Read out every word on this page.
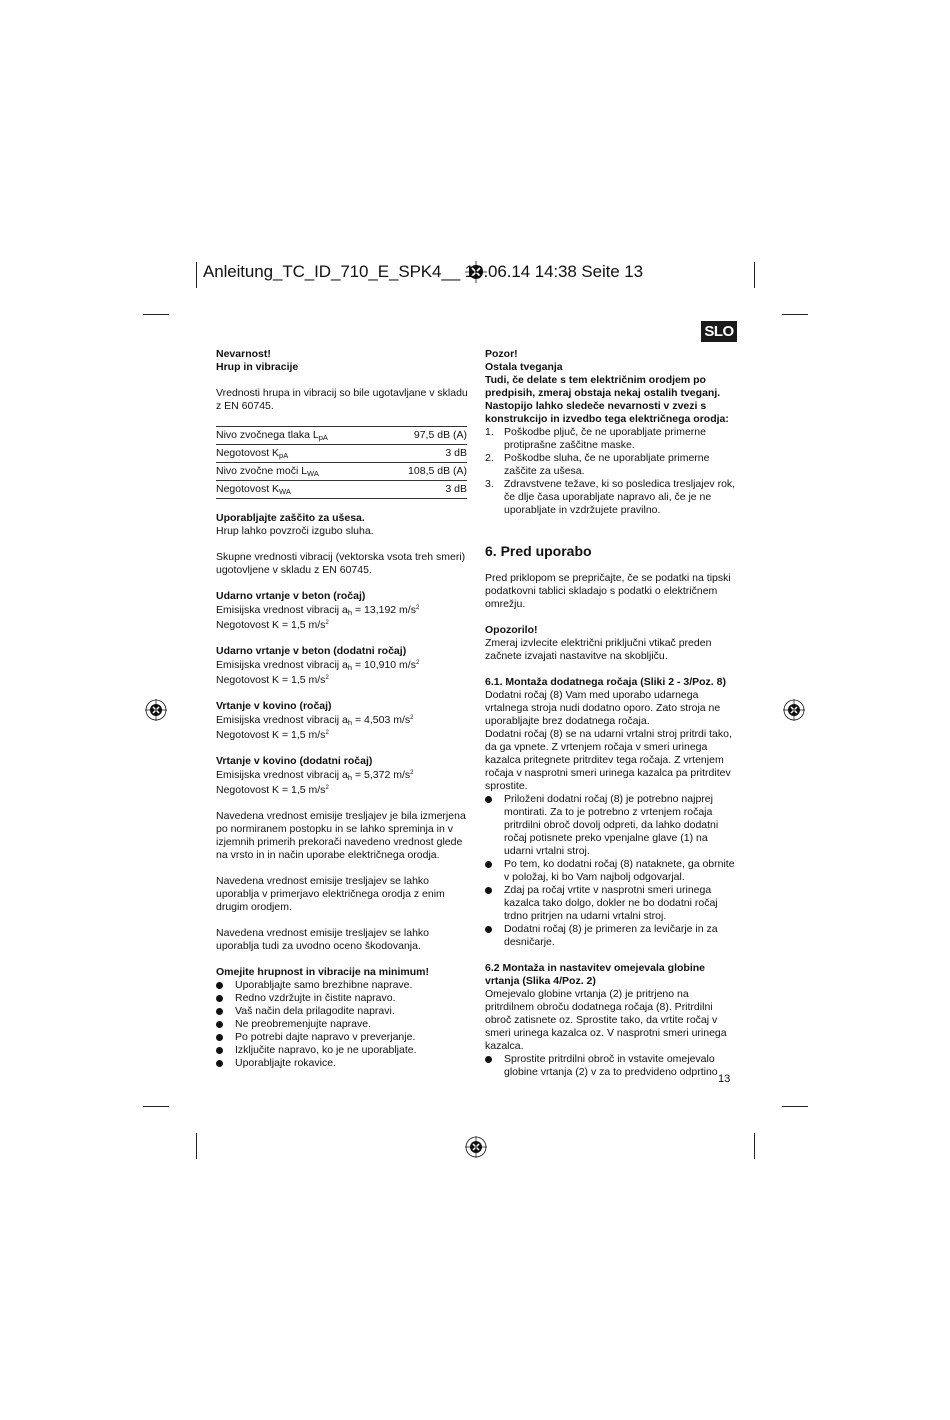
Anleitung_TC_ID_710_E_SPK4__ 19.06.14 14:38 Seite 13
SLO
Nevarnost!
Hrup in vibracije
Vrednosti hrupa in vibracij so bile ugotavljane v skladu z EN 60745.
Nivo zvočnega tlaka $L_{pA}$	97,5 dB (A)
Negotovost $K_{pA}$	3 dB
Nivo zvočne moči $L_{WA}$	108,5 dB (A)
Negotovost $K_{WA}$	3 dB
Uporabljajte zaščito za ušesa.
Hrup lahko povzroči izgubo sluha.
Skupne vrednosti vibracij (vektorska vsota treh smeri) ugotovljene v skladu z EN 60745.
Udarno vrtanje v beton (ročaj)
Emisijska vrednost vibracij $a_h = 13,192$ $m/s^2$
Negotovost K = 1,5 $m/s^2$
Udarno vrtanje v beton (dodatni ročaj)
Emisijska vrednost vibracij $a_h = 10,910$ $m/s^2$
Negotovost K = 1,5 $m/s^2$
Vrtanje v kovino (ročaj)
Emisijska vrednost vibracij $a_h = 4,503$ $m/s^2$
Negotovost K = 1,5 $m/s^2$
Vrtanje v kovino (dodatni ročaj)
Emisijska vrednost vibracij $a_h = 5,372$ $m/s^2$
Negotovost K = 1,5 $m/s^2$
Navedena vrednost emisije tresljajev je bila izmerjena po normiranem postopku in se lahko spreminja in v izjemnih primerih prekorači navedeno vrednost glede na vrsto in in način uporabe električnega orodja.
Navedena vrednost emisije tresljajev se lahko uporablja v primerjavo električnega orodja z enim drugim orodjem.
Navedena vrednost emisije tresljajev se lahko uporablja tudi za uvodno oceno škodovanja.
Omejite hrupnost in vibracije na minimum!
Uporabljajte samo brezhibne naprave.
Redno vzdržujte in čistite napravo.
Vaš način dela prilagodite napravi.
Ne preobremenjujte naprave.
Po potrebi dajte napravo v preverjanje.
Izključite napravo, ko je ne uporabljate.
Uporabljajte rokavice.
Pozor!
Ostala tveganja
Tudi, če delate s tem električnim orodjem po predpisih, zmeraj obstaja nekaj ostalih tveganj. Nastopijo lahko sledeče nevarnosti v zvezi s konstrukcijo in izvedbo tega električnega orodja:
1. Poškodbe pljuč, če ne uporabljate primerne protiprašne zaščitne maske.
2. Poškodbe sluha, če ne uporabljate primerne zaščite za ušesa.
3. Zdravstvene težave, ki so posledica tresljajev rok, če dlje časa uporabljate napravo ali, če je ne uporabljate in vzdržujete pravilno.
6. Pred uporabo
Pred priklopom se prepričajte, če se podatki na tipski podatkovni tablici skladajo s podatki o električnem omrežju.
Opozorilo!
Zmeraj izvlecite električni priključni vtikač preden začnete izvajati nastavitve na skobljiču.
6.1. Montaža dodatnega ročaja (Sliki 2 - 3/Poz. 8)
Dodatni ročaj (8) Vam med uporabo udarnega vrtalnega stroja nudi dodatno oporo. Zato stroja ne uporabljajte brez dodatnega ročaja.
Dodatni ročaj (8) se na udarni vrtalni stroj pritrdi tako, da ga vpnete. Z vrtenjem ročaja v smeri urinega kazalca pritegnete pritrditev tega ročaja. Z vrtenjem ročaja v nasprotni smeri urinega kazalca pa pritrditev sprostite.
Priloženi dodatni ročaj (8) je potrebno najprej montirati. Za to je potrebno z vrtenjem ročaja pritrdilni obroč dovolj odpreti, da lahko dodatni ročaj potisnete preko vpenjalne glave (1) na udarni vrtalni stroj.
Po tem, ko dodatni ročaj (8) nataknete, ga obrnite v položaj, ki bo Vam najbolj odgovarjal.
Zdaj pa ročaj vrtite v nasprotni smeri urinega kazalca tako dolgo, dokler ne bo dodatni ročaj trdno pritrjen na udarni vrtalni stroj.
Dodatni ročaj (8) je primeren za levičarje in za desničarje.
6.2 Montaža in nastavitev omejevala globine vrtanja (Slika 4/Poz. 2)
Omejevalo globine vrtanja (2) je pritrjeno na pritrdilnem obroču dodatnega ročaja (8). Pritrdilni obroč zatisnete oz. Sprostite tako, da vrtite ročaj v smeri urinega kazalca oz. V nasprotni smeri urinega kazalca.
Sprostite pritrdilni obroč in vstavite omejevalo globine vrtanja (2) v za to predvideno odprtino
13
